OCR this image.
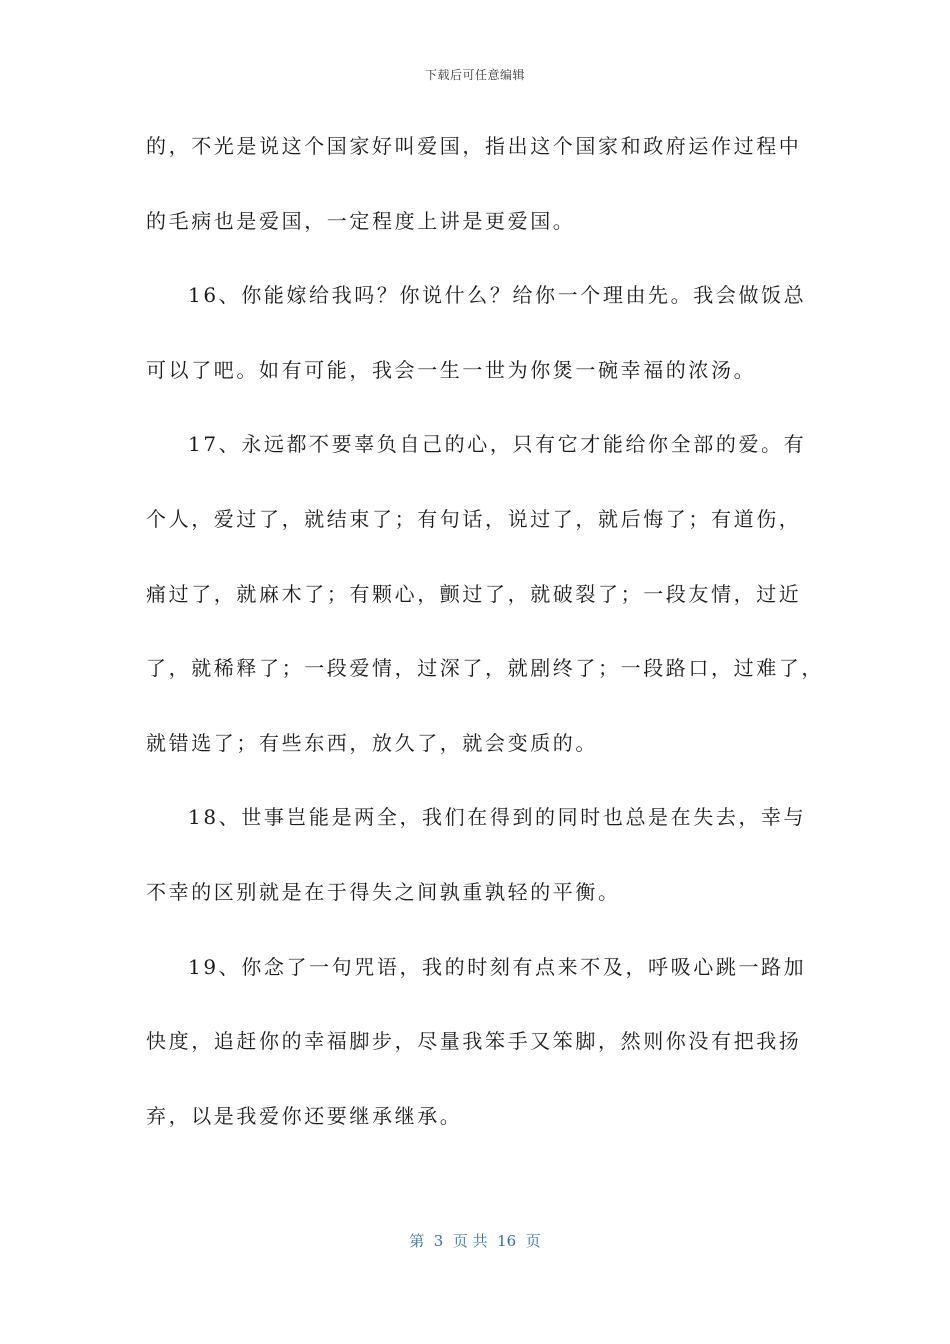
下载后可任意编辑
的，不光是说这个国家好叫爱国，指出这个国家和政府运作过程中
的毛病也是爱国，一定程度上讲是更爱国。
16、你能嫁给我吗？你说什么？给你一个理由先。我会做饭总
可以了吧。如有可能，我会一生一世为你煲一碗幸福的浓汤。
17、永远都不要辜负自己的心，只有它才能给你全部的爱。有
个人，爱过了，就结束了；有句话，说过了，就后悔了；有道伤，
痛过了，就麻木了；有颗心，颤过了，就破裂了；一段友情，过近
了，就稀释了；一段爱情，过深了，就剧终了；一段路口，过难了，
就错选了；有些东西，放久了，就会变质的。
18、世事岂能是两全，我们在得到的同时也总是在失去，幸与
不幸的区别就是在于得失之间孰重孰轻的平衡。
19、你念了一句咒语，我的时刻有点来不及，呼吸心跳一路加
快度，追赶你的幸福脚步，尽量我笨手又笨脚，然则你没有把我扬
弃，以是我爱你还要继承继承。
第  3  页 共  16  页
